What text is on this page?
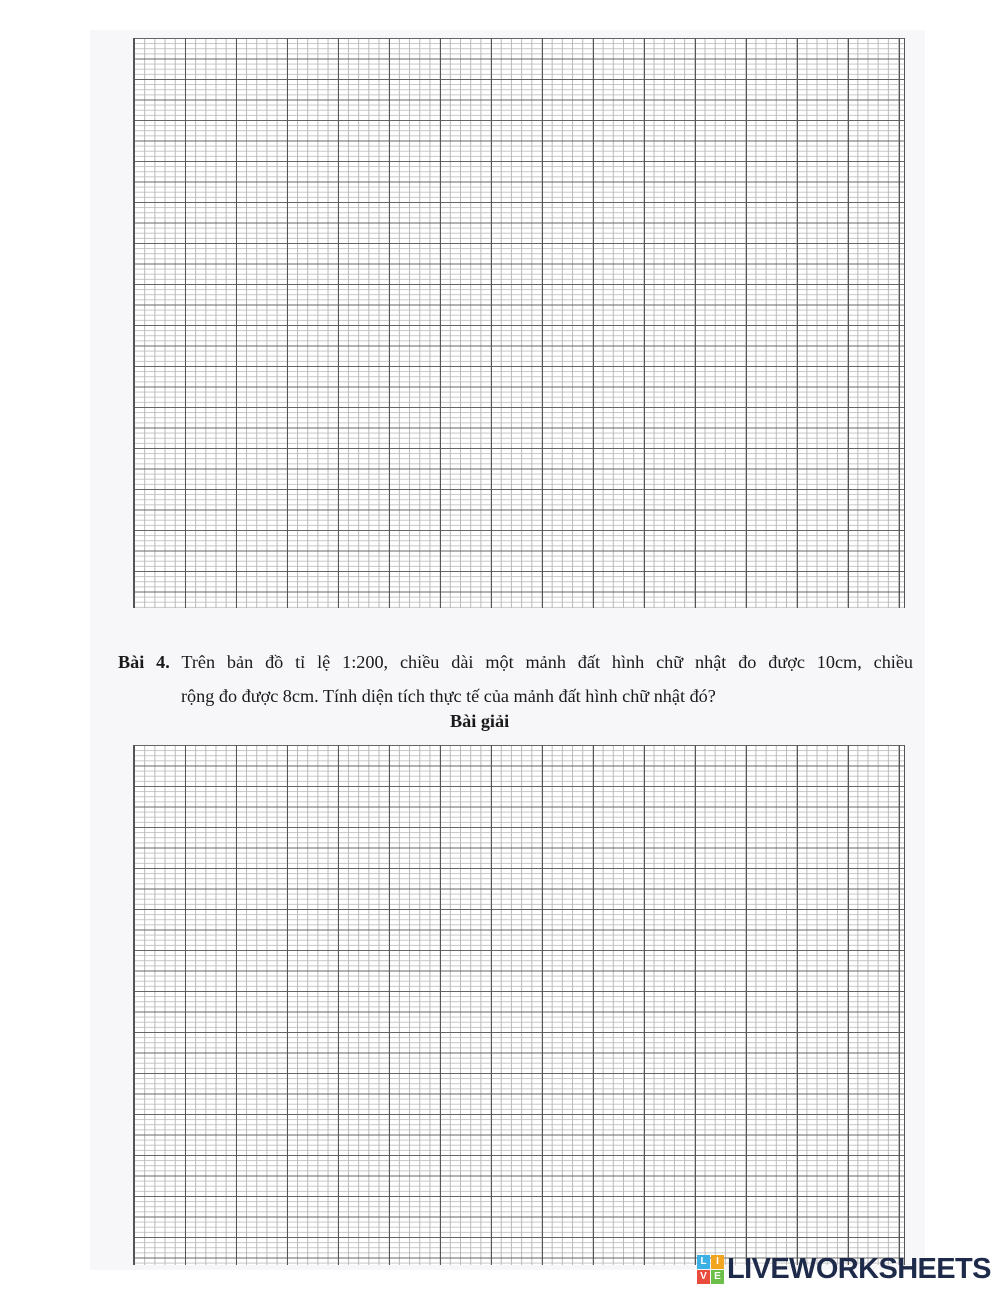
Bài 4. Trên bản đồ tỉ lệ 1:200, chiều dài một mảnh đất hình chữ nhật đo được 10cm, chiều
rộng đo được 8cm. Tính diện tích thực tế của mảnh đất hình chữ nhật đó?
Bài giải
L I
V E LIVEWORKSHEETS
